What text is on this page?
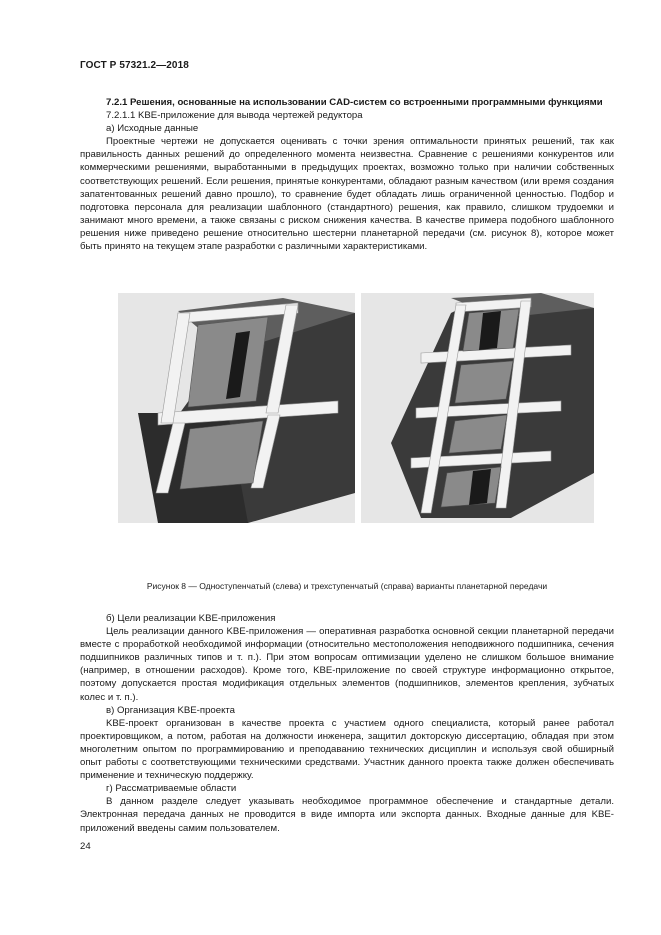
ГОСТ Р 57321.2—2018

7.2.1 Решения, основанные на использовании CAD-систем со встроенными программными функциями

7.2.1.1 KBE-приложение для вывода чертежей редуктора

а) Исходные данные

Проектные чертежи не допускается оценивать с точки зрения оптимальности принятых решений, так как правильность данных решений до определенного момента неизвестна. Сравнение с решениями конкурентов или коммерческими решениями, выработанными в предыдущих проектах, возможно только при наличии собственных соответствующих решений. Если решения, принятые конкурентами, обладают разным качеством (или время создания запатентованных решений давно прошло), то сравнение будет обладать лишь ограниченной ценностью. Подбор и подготовка персонала для реализации шаблонного (стандартного) решения, как правило, слишком трудоемки и занимают много времени, а также связаны с риском снижения качества. В качестве примера подобного шаблонного решения ниже приведено решение относительно шестерни планетарной передачи (см. рисунок 8), которое может быть принято на текущем этапе разработки с различными характеристиками.

Рисунок 8 — Одноступенчатый (слева) и трехступенчатый (справа) варианты планетарной передачи

б) Цели реализации KBE-приложения

Цель реализации данного KBE-приложения — оперативная разработка основной секции планетарной передачи вместе с проработкой необходимой информации (относительно местоположения неподвижного подшипника, сечения подшипников различных типов и т. п.). При этом вопросам оптимизации уделено не слишком большое внимание (например, в отношении расходов). Кроме того, KBE-приложение по своей структуре информационно открытое, поэтому допускается простая модификация отдельных элементов (подшипников, элементов крепления, зубчатых колес и т. п.).

в) Организация KBE-проекта

KBE-проект организован в качестве проекта с участием одного специалиста, который ранее работал проектировщиком, а потом, работая на должности инженера, защитил докторскую диссертацию, обладая при этом многолетним опытом по программированию и преподаванию технических дисциплин и используя свой обширный опыт работы с соответствующими техническими средствами. Участник данного проекта также должен обеспечивать применение и техническую поддержку.

г) Рассматриваемые области

В данном разделе следует указывать необходимое программное обеспечение и стандартные детали. Электронная передача данных не проводится в виде импорта или экспорта данных. Входные данные для KBE-приложений введены самим пользователем.

24
